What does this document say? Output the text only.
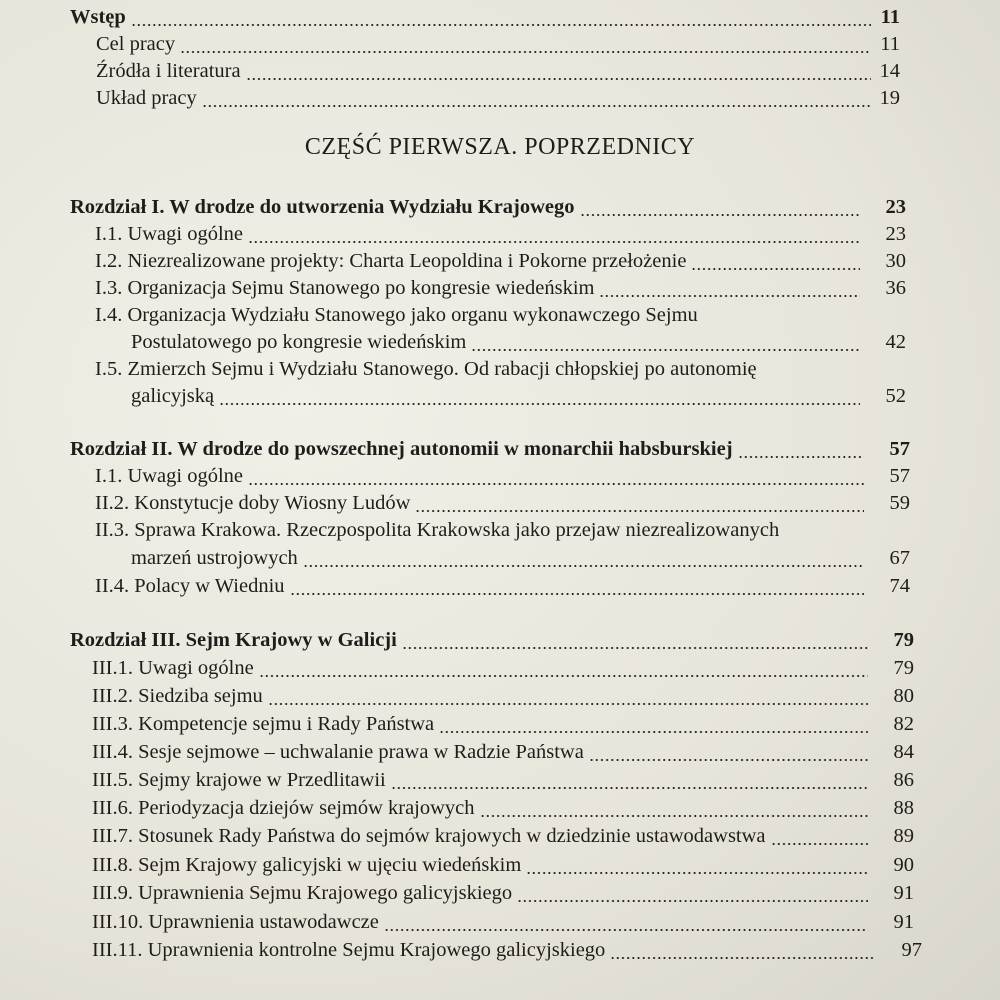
Wstęp	11
Cel pracy	11
Źródła i literatura	14
Układ pracy	19
CZĘŚĆ PIERWSZA. POPRZEDNICY
Rozdział I. W drodze do utworzenia Wydziału Krajowego	23
I.1. Uwagi ogólne	23
I.2. Niezrealizowane projekty: Charta Leopoldina i Pokorne przełożenie	30
I.3. Organizacja Sejmu Stanowego po kongresie wiedeńskim	36
I.4. Organizacja Wydziału Stanowego jako organu wykonawczego Sejmu
Postulatowego po kongresie wiedeńskim	42
I.5. Zmierzch Sejmu i Wydziału Stanowego. Od rabacji chłopskiej po autonomię
galicyjską	52
Rozdział II. W drodze do powszechnej autonomii w monarchii habsburskiej	57
I.1. Uwagi ogólne	57
II.2. Konstytucje doby Wiosny Ludów	59
II.3. Sprawa Krakowa. Rzeczpospolita Krakowska jako przejaw niezrealizowanych
marzeń ustrojowych	67
II.4. Polacy w Wiedniu	74
Rozdział III. Sejm Krajowy w Galicji	79
III.1. Uwagi ogólne	79
III.2. Siedziba sejmu	80
III.3. Kompetencje sejmu i Rady Państwa	82
III.4. Sesje sejmowe – uchwalanie prawa w Radzie Państwa	84
III.5. Sejmy krajowe w Przedlitawii	86
III.6. Periodyzacja dziejów sejmów krajowych	88
III.7. Stosunek Rady Państwa do sejmów krajowych w dziedzinie ustawodawstwa	89
III.8. Sejm Krajowy galicyjski w ujęciu wiedeńskim	90
III.9. Uprawnienia Sejmu Krajowego galicyjskiego	91
III.10. Uprawnienia ustawodawcze	91
III.11. Uprawnienia kontrolne Sejmu Krajowego galicyjskiego	97
